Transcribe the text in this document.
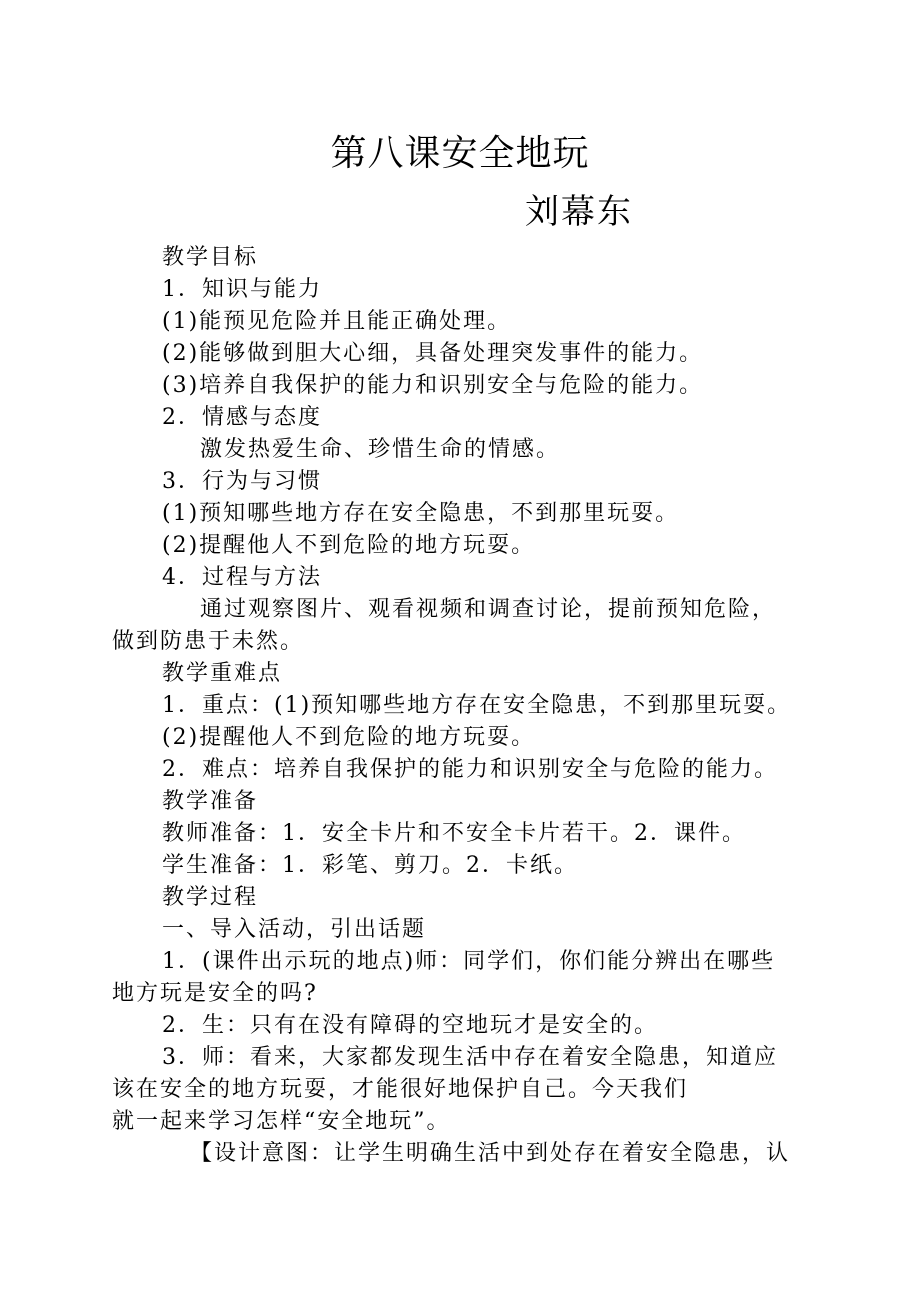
第八课安全地玩
刘幕东
教学目标
1．知识与能力
(1)能预见危险并且能正确处理。
(2)能够做到胆大心细，具备处理突发事件的能力。
(3)培养自我保护的能力和识别安全与危险的能力。
2．情感与态度
激发热爱生命、珍惜生命的情感。
3．行为与习惯
(1)预知哪些地方存在安全隐患，不到那里玩耍。
(2)提醒他人不到危险的地方玩耍。
4．过程与方法
通过观察图片、观看视频和调查讨论，提前预知危险，
做到防患于未然。
教学重难点
1．重点：(1)预知哪些地方存在安全隐患，不到那里玩耍。
(2)提醒他人不到危险的地方玩耍。
2．难点：培养自我保护的能力和识别安全与危险的能力。
教学准备
教师准备：1．安全卡片和不安全卡片若干。2．课件。
学生准备：1．彩笔、剪刀。2．卡纸。
教学过程
一、导入活动，引出话题
1．(课件出示玩的地点)师：同学们，你们能分辨出在哪些
地方玩是安全的吗?
2．生：只有在没有障碍的空地玩才是安全的。
3．师：看来，大家都发现生活中存在着安全隐患，知道应
该在安全的地方玩耍，才能很好地保护自己。今天我们
就一起来学习怎样“安全地玩”。
【设计意图：让学生明确生活中到处存在着安全隐患，认
